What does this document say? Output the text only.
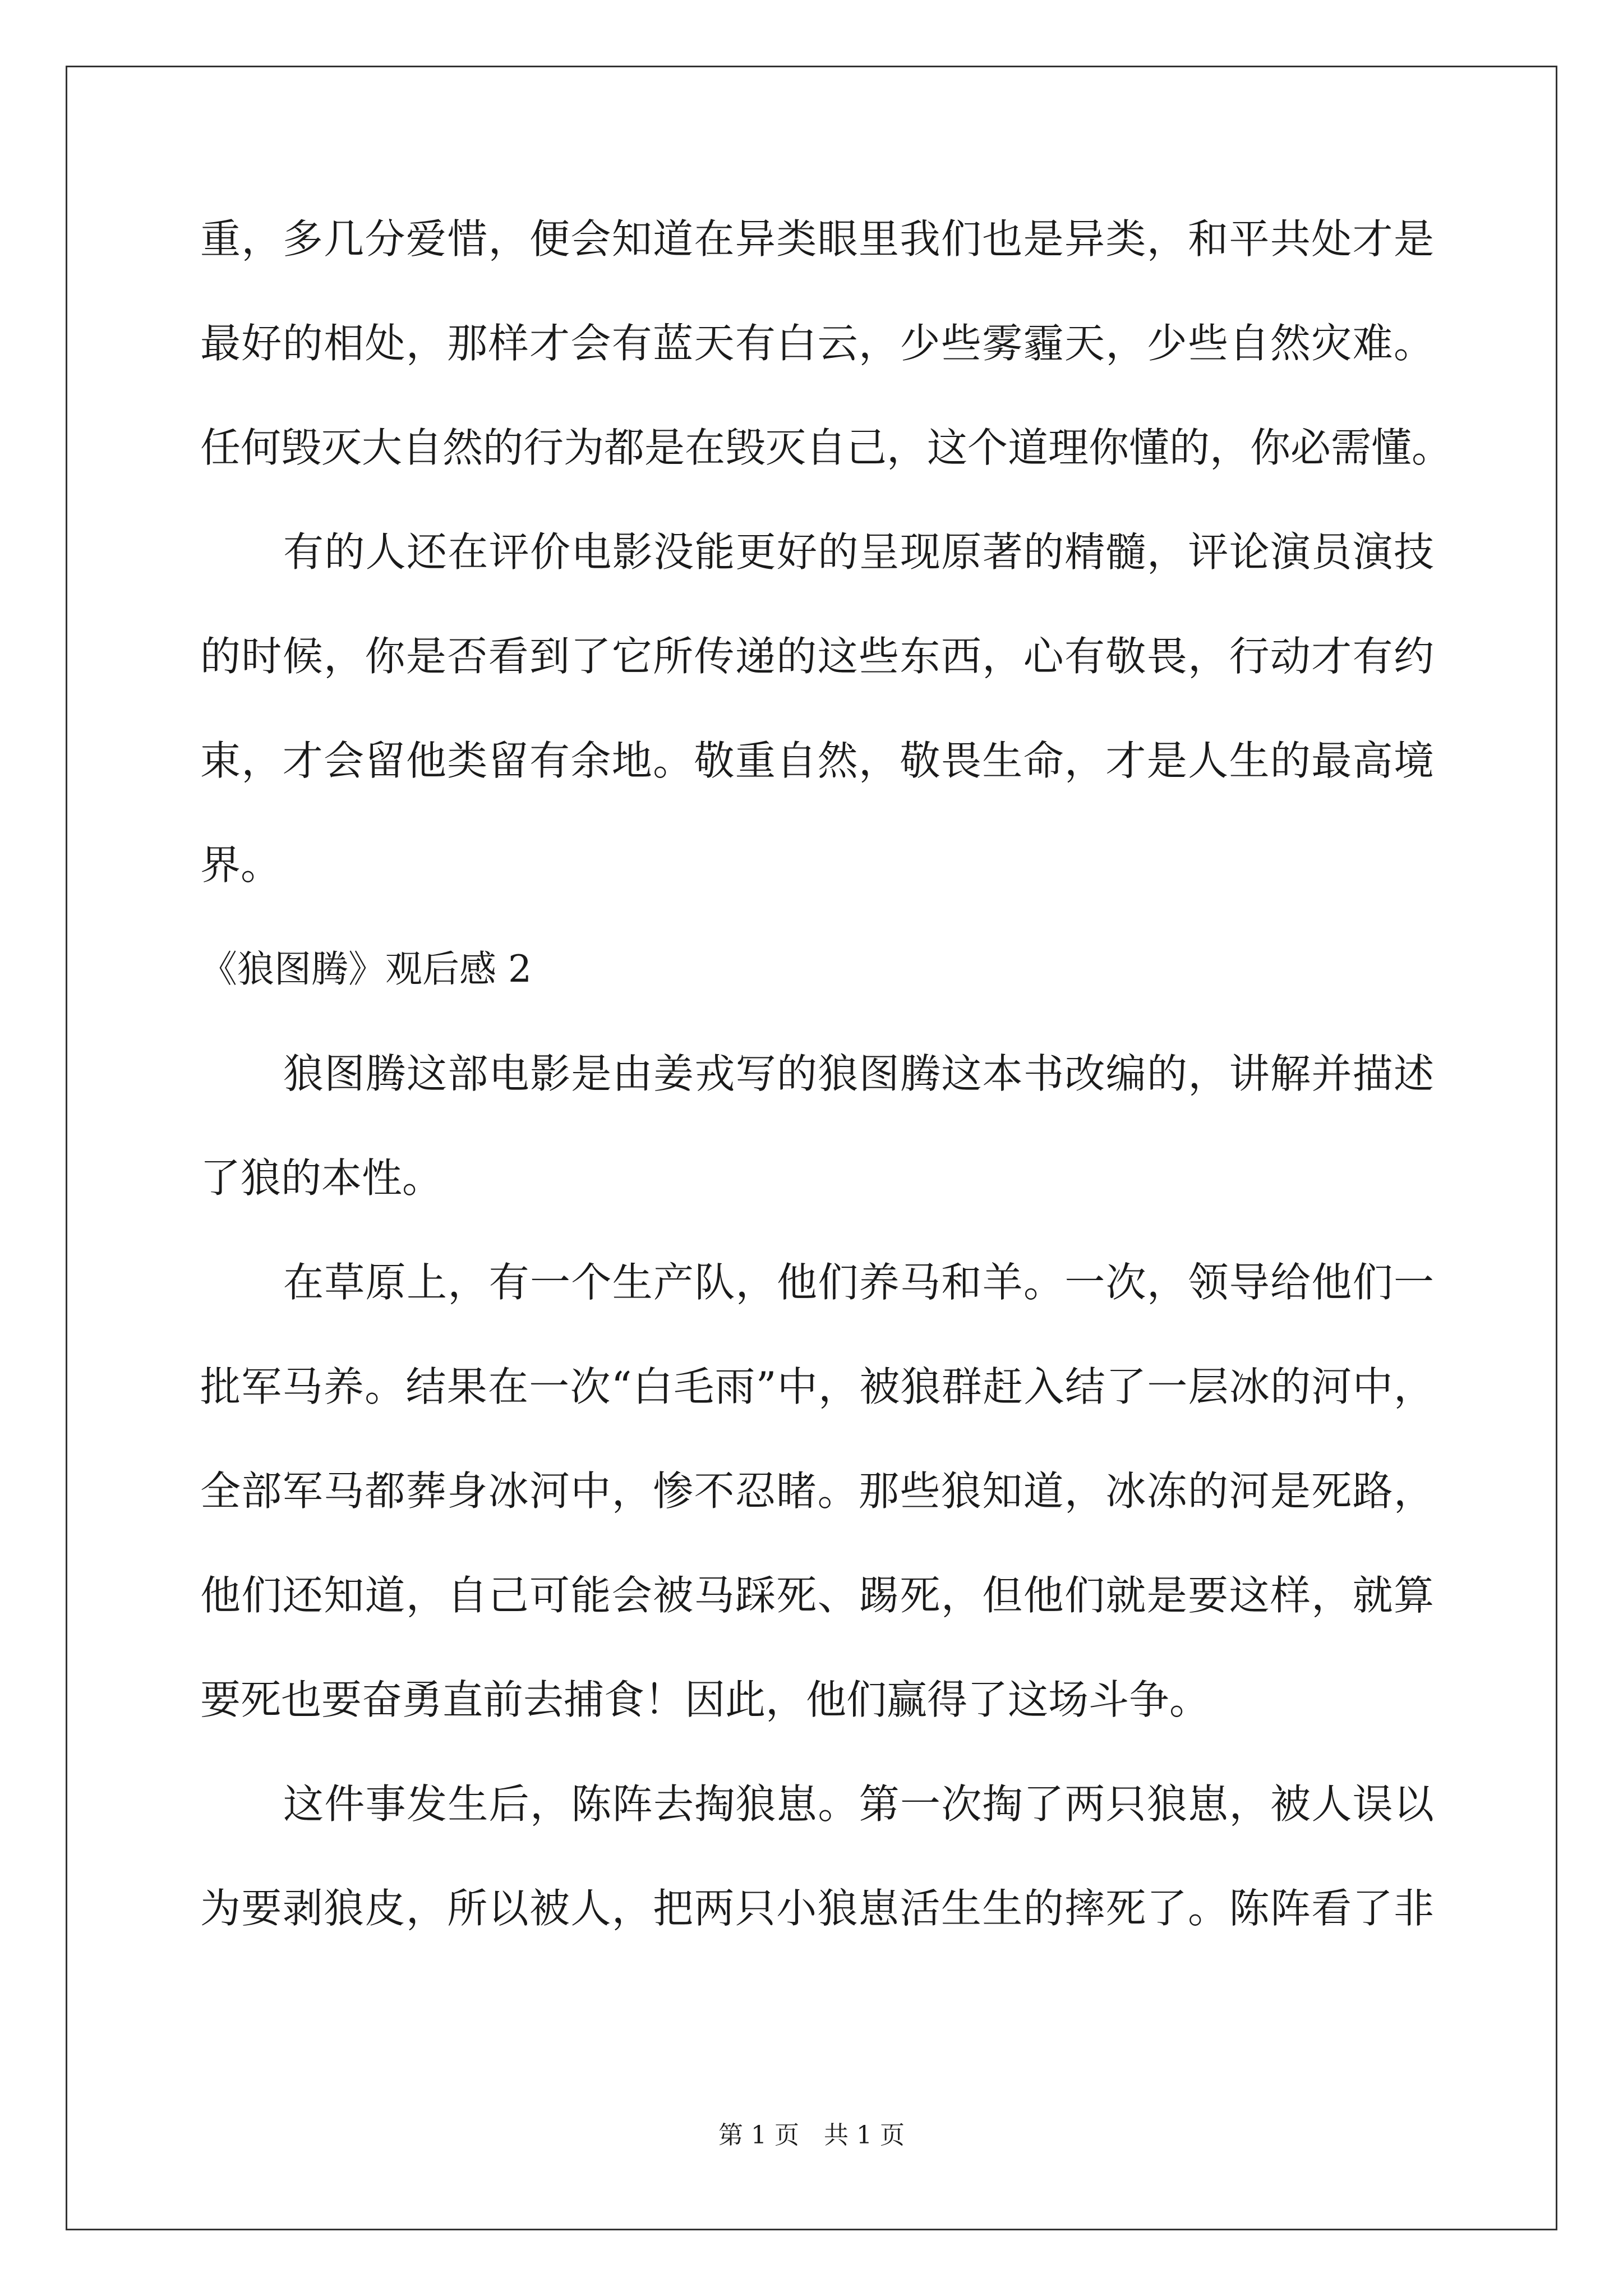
重，多几分爱惜，便会知道在异类眼里我们也是异类，和平共处才是

最好的相处，那样才会有蓝天有白云，少些雾霾天，少些自然灾难。

任何毁灭大自然的行为都是在毁灭自己，这个道理你懂的，你必需懂。

有的人还在评价电影没能更好的呈现原著的精髓，评论演员演技

的时候，你是否看到了它所传递的这些东西，心有敬畏，行动才有约

束，才会留他类留有余地。敬重自然，敬畏生命，才是人生的最高境

界。

《狼图腾》观后感 2

狼图腾这部电影是由姜戎写的狼图腾这本书改编的，讲解并描述

了狼的本性。

在草原上，有一个生产队，他们养马和羊。一次，领导给他们一

批军马养。结果在一次“白毛雨”中，被狼群赶入结了一层冰的河中，

全部军马都葬身冰河中，惨不忍睹。那些狼知道，冰冻的河是死路，

他们还知道，自己可能会被马踩死、踢死，但他们就是要这样，就算

要死也要奋勇直前去捕食！因此，他们赢得了这场斗争。

这件事发生后，陈阵去掏狼崽。第一次掏了两只狼崽，被人误以

为要剥狼皮，所以被人，把两只小狼崽活生生的摔死了。陈阵看了非

第 1 页 共 1 页
